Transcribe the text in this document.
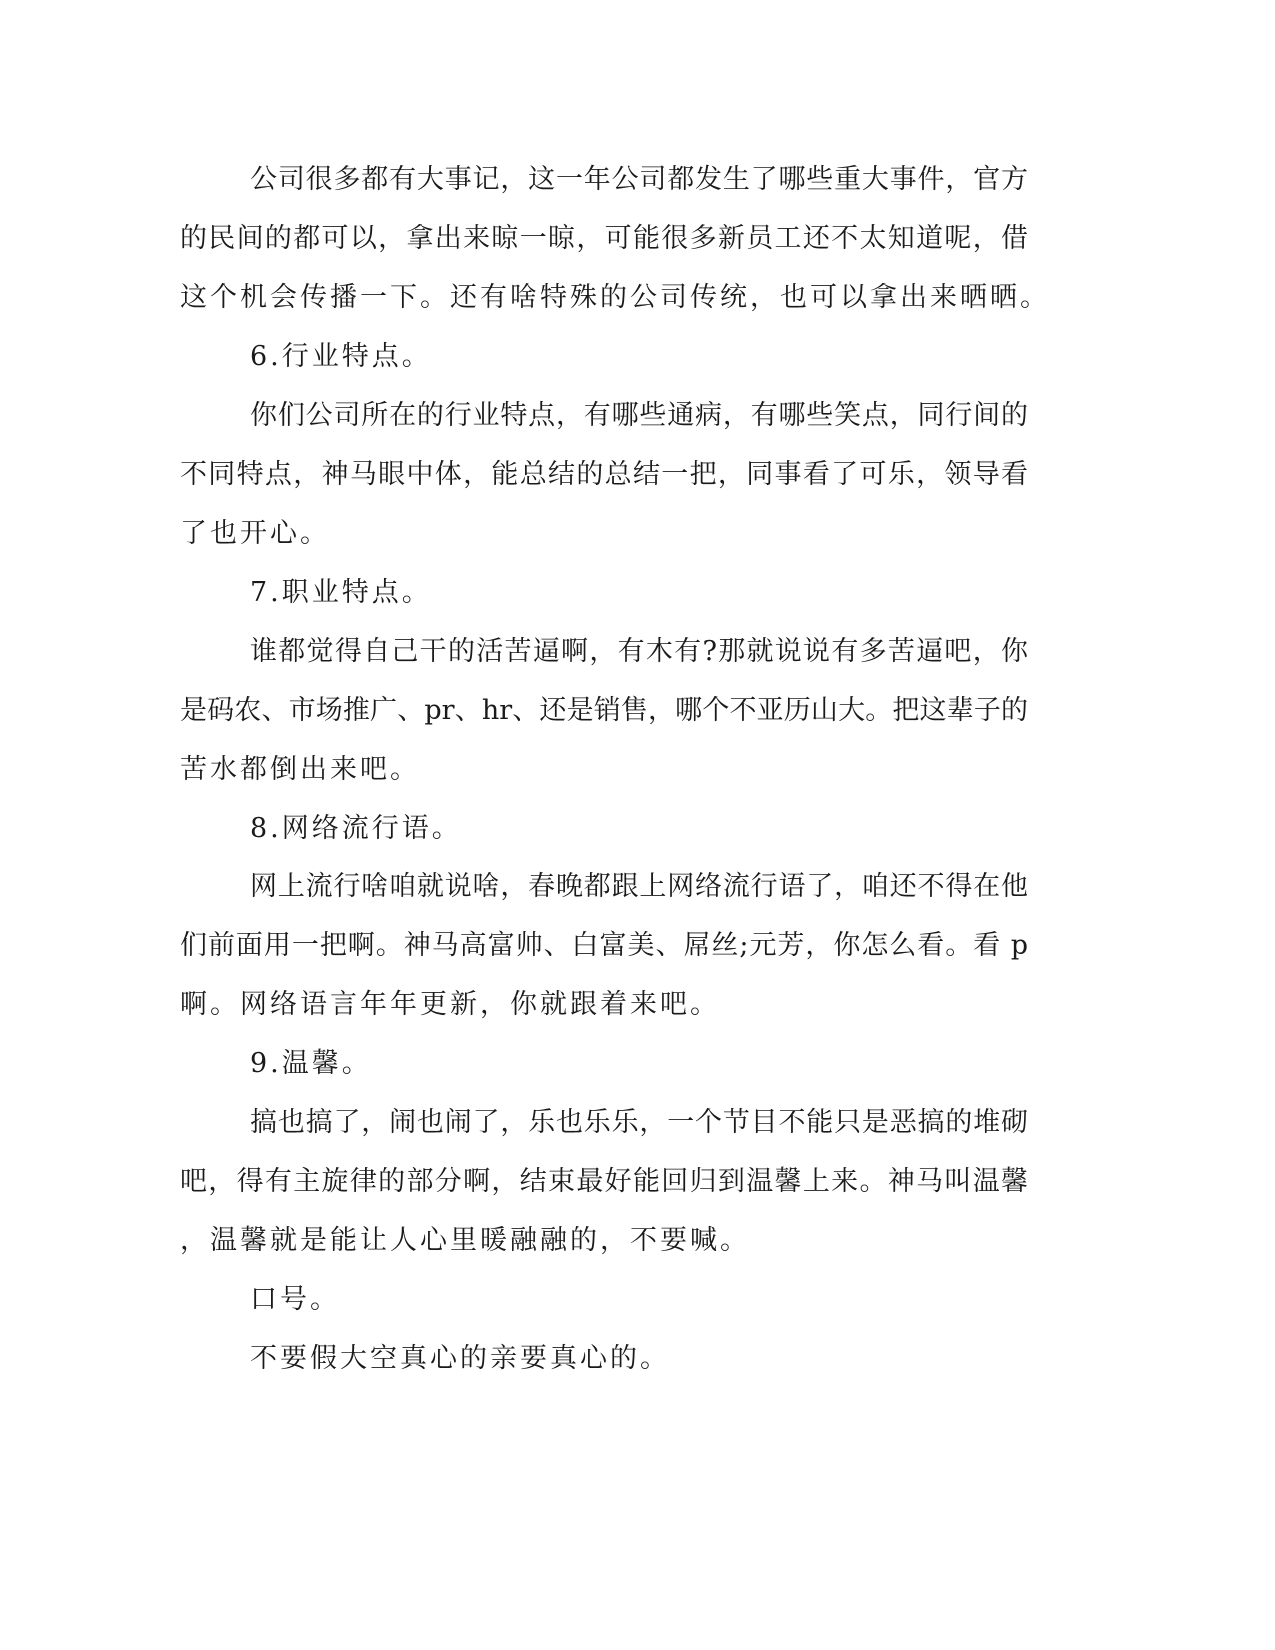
公司很多都有大事记，这一年公司都发生了哪些重大事件，官方
的民间的都可以，拿出来晾一晾，可能很多新员工还不太知道呢，借
这个机会传播一下。还有啥特殊的公司传统，也可以拿出来晒晒。
6.行业特点。
你们公司所在的行业特点，有哪些通病，有哪些笑点，同行间的
不同特点，神马眼中体，能总结的总结一把，同事看了可乐，领导看
了也开心。
7.职业特点。
谁都觉得自己干的活苦逼啊，有木有?那就说说有多苦逼吧，你
是码农、市场推广、pr、hr、还是销售，哪个不亚历山大。把这辈子的
苦水都倒出来吧。
8.网络流行语。
网上流行啥咱就说啥，春晚都跟上网络流行语了，咱还不得在他
们前面用一把啊。神马高富帅、白富美、屌丝;元芳，你怎么看。看 p
啊。网络语言年年更新，你就跟着来吧。
9.温馨。
搞也搞了，闹也闹了，乐也乐乐，一个节目不能只是恶搞的堆砌
吧，得有主旋律的部分啊，结束最好能回归到温馨上来。神马叫温馨
，温馨就是能让人心里暖融融的，不要喊。
口号。
不要假大空真心的亲要真心的。
